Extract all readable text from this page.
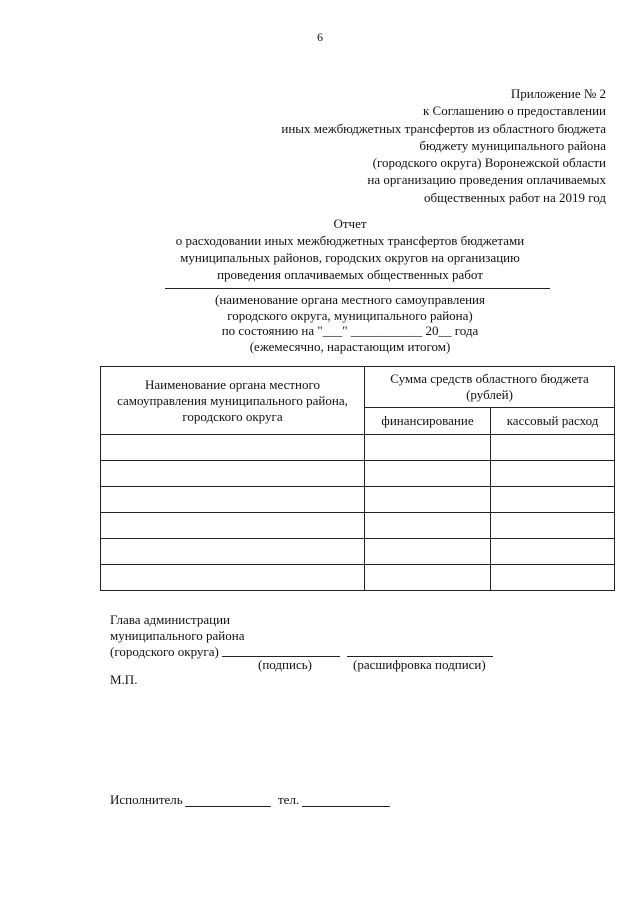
6
Приложение № 2
к Соглашению о предоставлении
иных межбюджетных трансфертов из областного бюджета
бюджету муниципального района
(городского округа) Воронежской области
на организацию проведения оплачиваемых
общественных работ на 2019 год
Отчет
о расходовании иных межбюджетных трансфертов бюджетами
муниципальных районов, городских округов на организацию
проведения оплачиваемых общественных работ
(наименование органа местного самоуправления
городского округа, муниципального района)
по состоянию на "___" ___________ 20__ года
(ежемесячно, нарастающим итогом)
Наименование органа местного самоуправления муниципального района, городского округа	Сумма средств областного бюджета (рублей)	
	финансирование	кассовый расход

Глава администрации
муниципального района
(городского округа)
(подпись)	(расшифровка подписи)
М.П.
Исполнитель	тел.
